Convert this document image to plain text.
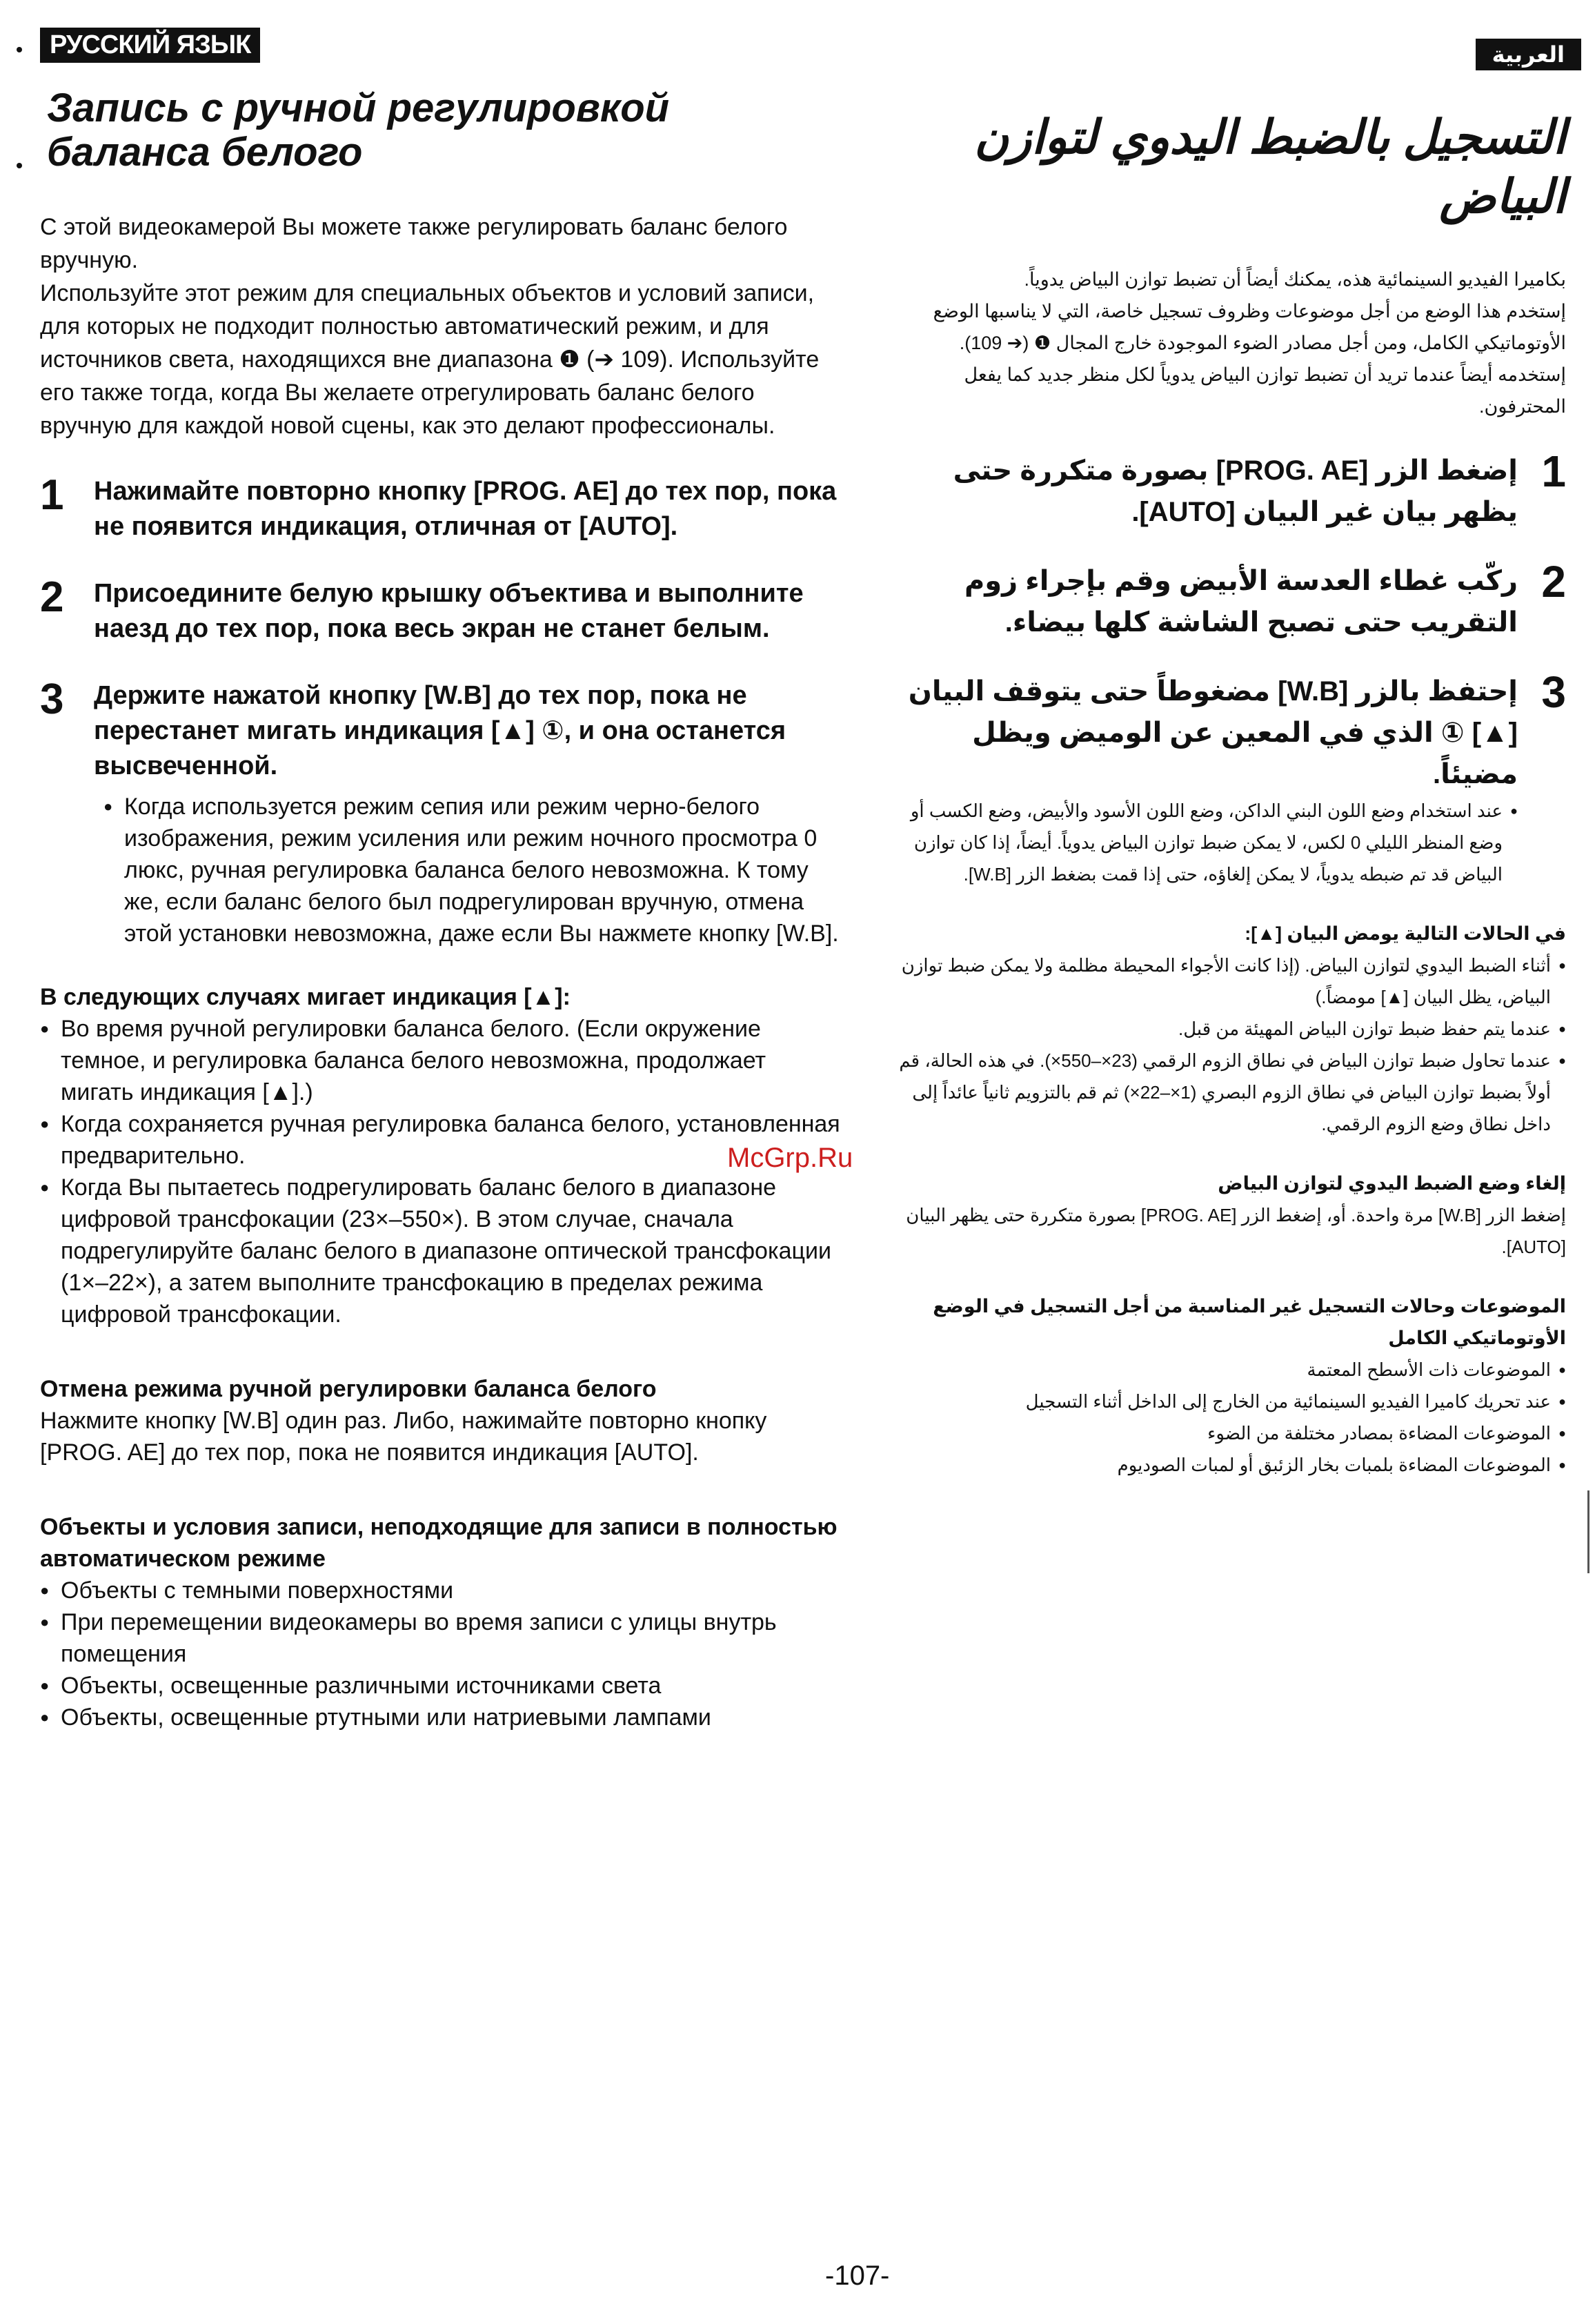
РУССКИЙ ЯЗЫК
Запись с ручной регулировкой баланса белого
С этой видеокамерой Вы можете также регулировать баланс белого вручную.
Используйте этот режим для специальных объектов и условий записи, для которых не подходит полностью автоматический режим, и для источников света, находящихся вне диапазона ❶ (➔ 109). Используйте его также тогда, когда Вы желаете отрегулировать баланс белого вручную для каждой новой сцены, как это делают профессионалы.
1	Нажимайте повторно кнопку [PROG. AE] до тех пор, пока не появится индикация, отличная от [AUTO].
2	Присоедините белую крышку объектива и выполните наезд до тех пор, пока весь экран не станет белым.
3	Держите нажатой кнопку [W.B] до тех пор, пока не перестанет мигать индикация [▲] ①, и она останется высвеченной.
● Когда используется режим сепия или режим черно-белого изображения, режим усиления или режим ночного просмотра 0 люкс, ручная регулировка баланса белого невозможна. К тому же, если баланс белого был подрегулирован вручную, отмена этой установки невозможна, даже если Вы нажмете кнопку [W.B].
В следующих случаях мигает индикация [▲]:
● Во время ручной регулировки баланса белого. (Если окружение темное, и регулировка баланса белого невозможна, продолжает мигать индикация [▲].)
● Когда сохраняется ручная регулировка баланса белого, установленная предварительно.
● Когда Вы пытаетесь подрегулировать баланс белого в диапазоне цифровой трансфокации (23×–550×). В этом случае, сначала подрегулируйте баланс белого в диапазоне оптической трансфокации (1×–22×), а затем выполните трансфокацию в пределах режима цифровой трансфокации.
Отмена режима ручной регулировки баланса белого
Нажмите кнопку [W.B] один раз. Либо, нажимайте повторно кнопку [PROG. AE] до тех пор, пока не появится индикация [AUTO].
Объекты и условия записи, неподходящие для записи в полностью автоматическом режиме
● Объекты с темными поверхностями
● При перемещении видеокамеры во время записи с улицы внутрь помещения
● Объекты, освещенные различными источниками света
● Объекты, освещенные ртутными или натриевыми лампами
العربية
التسجيل بالضبط اليدوي لتوازن البياض
بكاميرا الفيديو السينمائية هذه، يمكنك أيضاً أن تضبط توازن البياض يدوياً.
إستخدم هذا الوضع من أجل موضوعات وظروف تسجيل خاصة، التي لا يناسبها الوضع الأوتوماتيكي الكامل، ومن أجل مصادر الضوء الموجودة خارج المجال ❶ (➔ 109).
إستخدمه أيضاً عندما تريد أن تضبط توازن البياض يدوياً لكل منظر جديد كما يفعل المحترفون.
1
إضغط الزر [PROG. AE] بصورة متكررة حتى يظهر بيان غير البيان [AUTO].
2
ركّب غطاء العدسة الأبيض وقم بإجراء زوم التقريب حتى تصبح الشاشة كلها بيضاء.
3
إحتفظ بالزر [W.B] مضغوطاً حتى يتوقف البيان [▲] ① الذي في المعين عن الوميض ويظل مضيئاً.
● عند استخدام وضع اللون البني الداكن، وضع اللون الأسود والأبيض، وضع الكسب أو وضع المنظر الليلي 0 لكس، لا يمكن ضبط توازن البياض يدوياً. أيضاً، إذا كان توازن البياض قد تم ضبطه يدوياً، لا يمكن إلغاؤه، حتى إذا قمت بضغط الزر [W.B].
في الحالات التالية يومض البيان [▲]:
● أثناء الضبط اليدوي لتوازن البياض. (إذا كانت الأجواء المحيطة مظلمة ولا يمكن ضبط توازن البياض، يظل البيان [▲] مومضاً.)
● عندما يتم حفظ ضبط توازن البياض المهيئة من قبل.
● عندما تحاول ضبط توازن البياض في نطاق الزوم الرقمي (23×–550×). في هذه الحالة، قم أولاً بضبط توازن البياض في نطاق الزوم البصري (1×–22×) ثم قم بالتزويم ثانياً عائداً إلى داخل نطاق وضع الزوم الرقمي.
إلغاء وضع الضبط اليدوي لتوازن البياض
إضغط الزر [W.B] مرة واحدة. أو، إضغط الزر [PROG. AE] بصورة متكررة حتى يظهر البيان [AUTO].
الموضوعات وحالات التسجيل غير المناسبة من أجل التسجيل في الوضع الأوتوماتيكي الكامل
● الموضوعات ذات الأسطح المعتمة
● عند تحريك كاميرا الفيديو السينمائية من الخارج إلى الداخل أثناء التسجيل
● الموضوعات المضاءة بمصادر مختلفة من الضوء
● الموضوعات المضاءة بلمبات بخار الزئبق أو لمبات الصوديوم
McGrp.Ru
-107-
